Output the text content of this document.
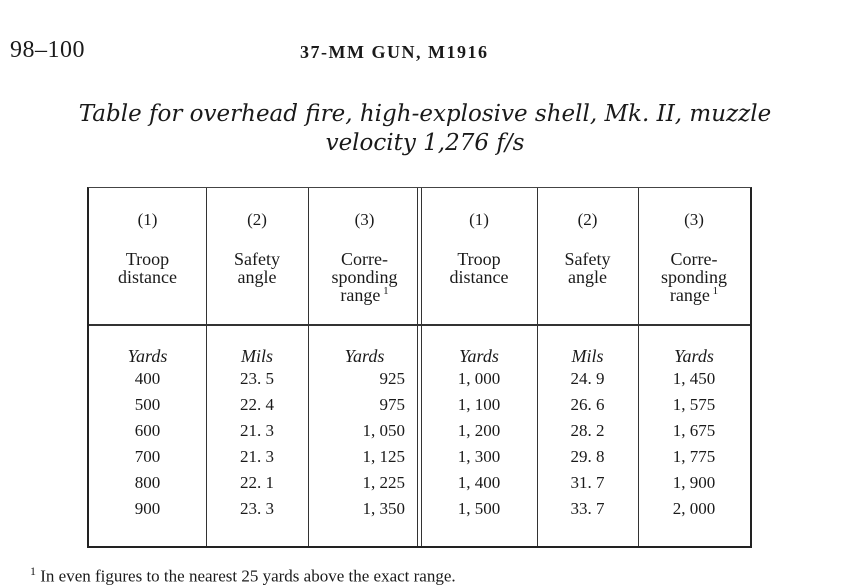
98–100	37-MM GUN, M1916
Table for overhead fire, high-explosive shell, Mk. II, muzzle
velocity 1,276 f/s
(1)
Troop
distance
Yards
400
500
600
700
800
900
(2)
Safety
angle
Mils
23. 5
22. 4
21. 3
21. 3
22. 1
23. 3
(3)
Corre-
sponding
range $^1$
Yards
925
975
1, 050
1, 125
1, 225
1, 350
(1)
Troop
distance
Yards
1, 000
1, 100
1, 200
1, 300
1, 400
1, 500
(2)
Safety
angle
Mils
24. 9
26. 6
28. 2
29. 8
31. 7
33. 7
(3)
Corre-
sponding
range $^1$
Yards
1, 450
1, 575
1, 675
1, 775
1, 900
2, 000
$^1$ In even figures to the nearest 25 yards above the exact range.
